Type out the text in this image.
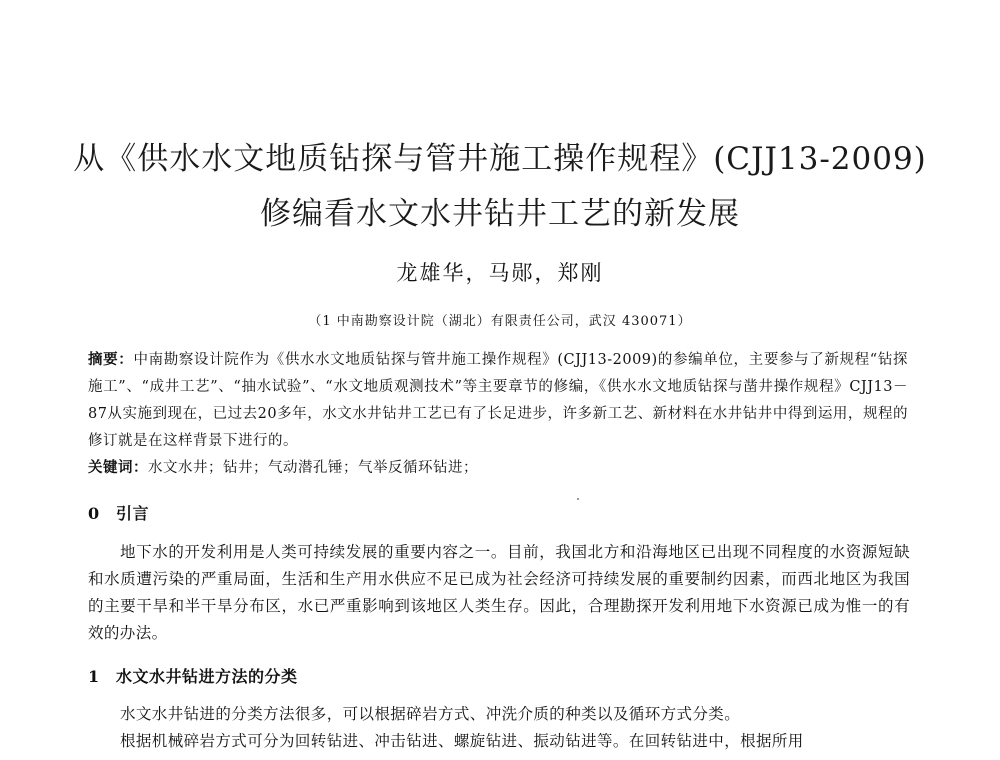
从《供水水文地质钻探与管井施工操作规程》(CJJ13-2009)
修编看水文水井钻井工艺的新发展
龙雄华，马郧，郑刚
（1 中南勘察设计院（湖北）有限责任公司，武汉 430071）
摘要：中南勘察设计院作为《供水水文地质钻探与管井施工操作规程》(CJJ13-2009)的参编单位，主要参与了新规程“钻探施工”、“成井工艺”、“抽水试验”、“水文地质观测技术”等主要章节的修编，《供水水文地质钻探与凿井操作规程》CJJ13－87从实施到现在，已过去20多年，水文水井钻井工艺已有了长足进步，许多新工艺、新材料在水井钻井中得到运用，规程的修订就是在这样背景下进行的。
关键词：水文水井；钻井；气动潜孔锤；气举反循环钻进；
0 引言
地下水的开发利用是人类可持续发展的重要内容之一。目前，我国北方和沿海地区已出现不同程度的水资源短缺和水质遭污染的严重局面，生活和生产用水供应不足已成为社会经济可持续发展的重要制约因素，而西北地区为我国的主要干旱和半干旱分布区，水已严重影响到该地区人类生存。因此，合理勘探开发利用地下水资源已成为惟一的有效的办法。
1 水文水井钻进方法的分类
水文水井钻进的分类方法很多，可以根据碎岩方式、冲洗介质的种类以及循环方式分类。
根据机械碎岩方式可分为回转钻进、冲击钻进、螺旋钻进、振动钻进等。在回转钻进中，根据所用
